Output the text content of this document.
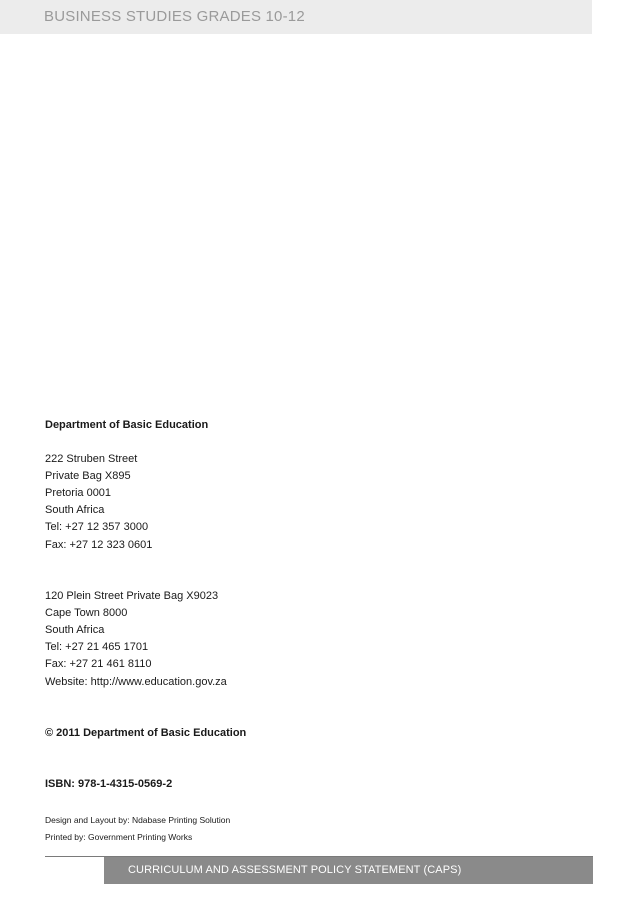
BUSINESS STUDIES GRADES 10-12
Department of Basic Education
222 Struben Street
Private Bag X895
Pretoria 0001
South Africa
Tel: +27 12 357 3000
Fax: +27 12 323 0601
120 Plein Street Private Bag X9023
Cape Town 8000
South Africa
Tel: +27 21 465 1701
Fax: +27 21 461 8110
Website: http://www.education.gov.za
© 2011 Department of Basic Education
ISBN: 978-1-4315-0569-2
Design and Layout by: Ndabase Printing Solution
Printed by: Government Printing Works
CURRICULUM AND ASSESSMENT POLICY STATEMENT (CAPS)
